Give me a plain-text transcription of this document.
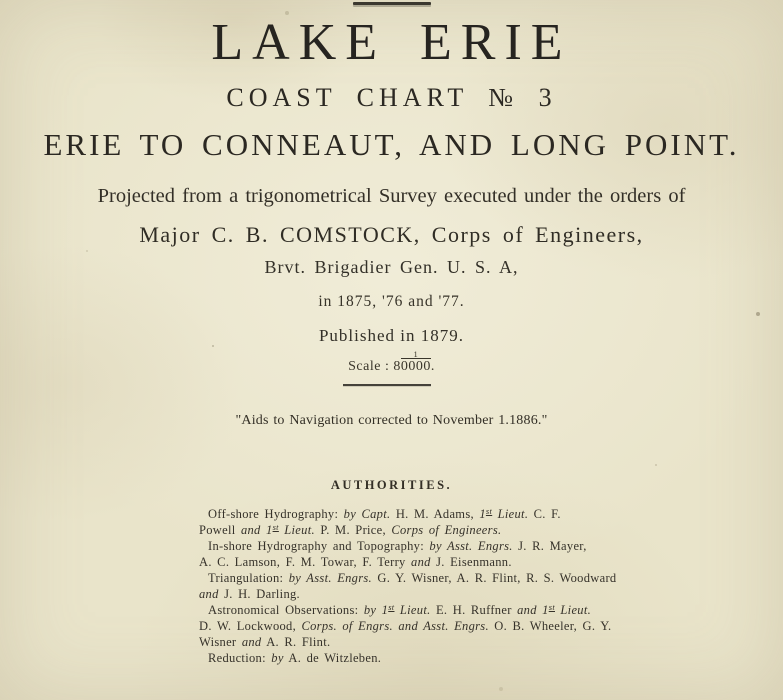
LAKE ERIE
COAST CHART № 3
ERIE TO CONNEAUT, AND LONG POINT.
Projected from a trigonometrical Survey executed under the orders of
Major C. B. COMSTOCK, Corps of Engineers,
Brvt. Brigadier Gen. U. S. A,
in 1875, '76 and '77.
Published in 1879.
Scale : $8 \frac{1}{0000}$ .
"Aids to Navigation corrected to November 1.1886."
AUTHORITIES.
Off-shore Hydrography: by Capt. H. M. Adams, 1st Lieut. C. F.
Powell and 1st Lieut. P. M. Price, Corps of Engineers.
In-shore Hydrography and Topography: by Asst. Engrs. J. R. Mayer,
A. C. Lamson, F. M. Towar, F. Terry and J. Eisenmann.
Triangulation: by Asst. Engrs. G. Y. Wisner, A. R. Flint, R. S. Woodward
and J. H. Darling.
Astronomical Observations: by 1st Lieut. E. H. Ruffner and 1st Lieut.
D. W. Lockwood, Corps. of Engrs. and Asst. Engrs. O. B. Wheeler, G. Y.
Wisner and A. R. Flint.
Reduction: by A. de Witzleben.
